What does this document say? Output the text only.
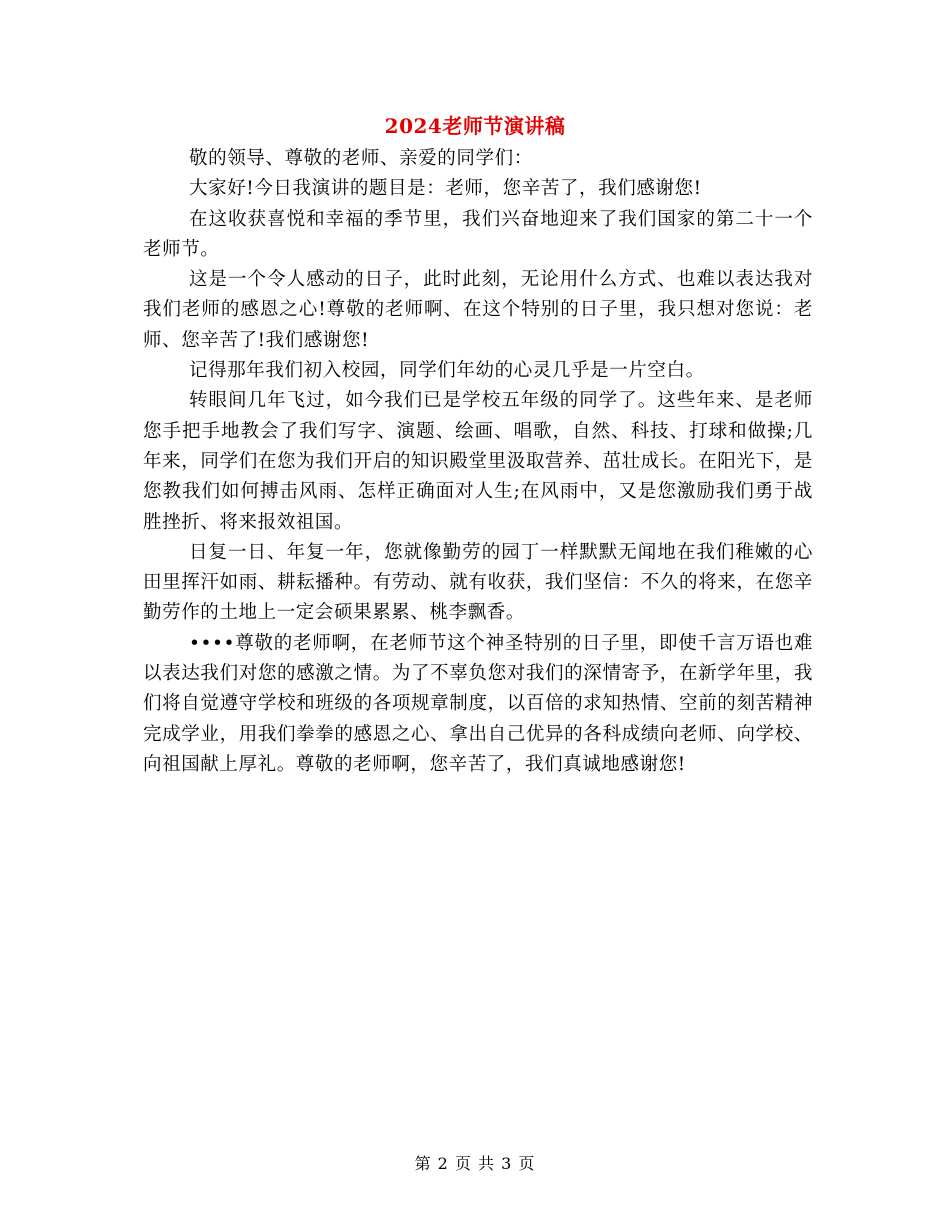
2024老师节演讲稿

敬的领导、尊敬的老师、亲爱的同学们：

大家好!今日我演讲的题目是：老师，您辛苦了，我们感谢您!

在这收获喜悦和幸福的季节里，我们兴奋地迎来了我们国家的第二十一个老师节。

这是一个令人感动的日子，此时此刻，无论用什么方式、也难以表达我对我们老师的感恩之心!尊敬的老师啊、在这个特别的日子里，我只想对您说：老师、您辛苦了!我们感谢您!

记得那年我们初入校园，同学们年幼的心灵几乎是一片空白。

转眼间几年飞过，如今我们已是学校五年级的同学了。这些年来、是老师您手把手地教会了我们写字、演题、绘画、唱歌，自然、科技、打球和做操;几年来，同学们在您为我们开启的知识殿堂里汲取营养、茁壮成长。在阳光下，是您教我们如何搏击风雨、怎样正确面对人生;在风雨中，又是您激励我们勇于战胜挫折、将来报效祖国。

日复一日、年复一年，您就像勤劳的园丁一样默默无闻地在我们稚嫩的心田里挥汗如雨、耕耘播种。有劳动、就有收获，我们坚信：不久的将来，在您辛勤劳作的土地上一定会硕果累累、桃李飘香。

••••尊敬的老师啊，在老师节这个神圣特别的日子里，即使千言万语也难以表达我们对您的感激之情。为了不辜负您对我们的深情寄予，在新学年里，我们将自觉遵守学校和班级的各项规章制度，以百倍的求知热情、空前的刻苦精神完成学业，用我们拳拳的感恩之心、拿出自己优异的各科成绩向老师、向学校、向祖国献上厚礼。尊敬的老师啊，您辛苦了，我们真诚地感谢您!

第 2 页 共 3 页
